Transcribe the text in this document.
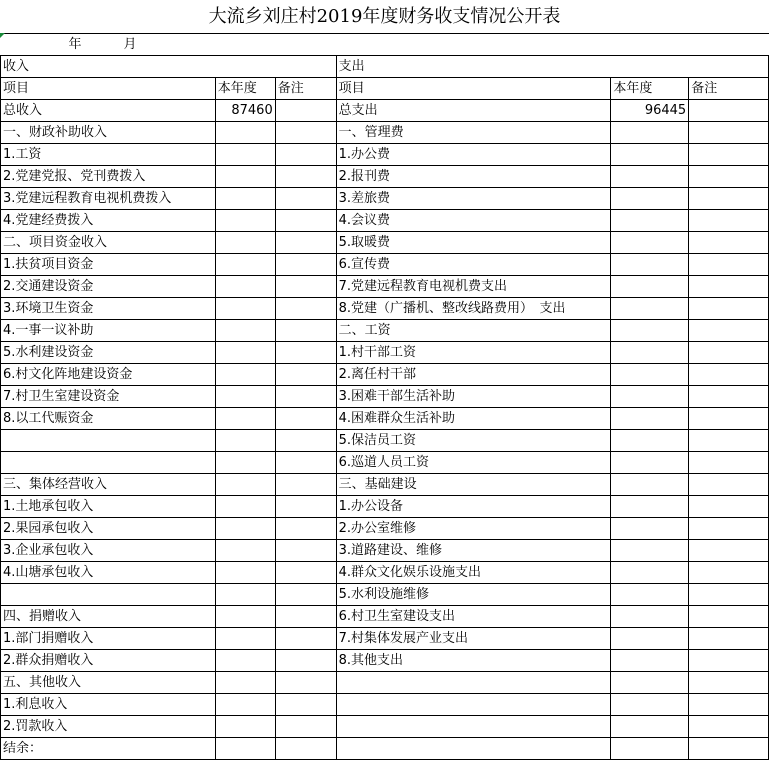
大流乡刘庄村2019年度财务收支情况公开表
年 月					
收入			支出		
项目	本年度	备注	项目	本年度	备注
总收入	87460		总支出	96445	
一、财政补助收入			一、管理费		
1.工资			1.办公费		
2.党建党报、党刊费拨入			2.报刊费		
3.党建远程教育电视机费拨入			3.差旅费		
4.党建经费拨入			4.会议费		
二、项目资金收入			5.取暖费		
1.扶贫项目资金			6.宣传费		
2.交通建设资金			7.党建远程教育电视机费支出		
3.环境卫生资金			8.党建（广播机、整改线路费用）　支出		
4.一事一议补助			二、工资		
5.水利建设资金			1.村干部工资		
6.村文化阵地建设资金			2.离任村干部		
7.村卫生室建设资金			3.困难干部生活补助		
8.以工代赈资金			4.困难群众生活补助		
			5.保洁员工资		
			6.巡道人员工资		
三、集体经营收入			三、基础建设		
1.土地承包收入			1.办公设备		
2.果园承包收入			2.办公室维修		
3.企业承包收入			3.道路建设、维修		
4.山塘承包收入			4.群众文化娱乐设施支出		
			5.水利设施维修		
四、捐赠收入			6.村卫生室建设支出		
1.部门捐赠收入			7.村集体发展产业支出		
2.群众捐赠收入			8.其他支出		
五、其他收入					
1.利息收入					
2.罚款收入					
结余：					
